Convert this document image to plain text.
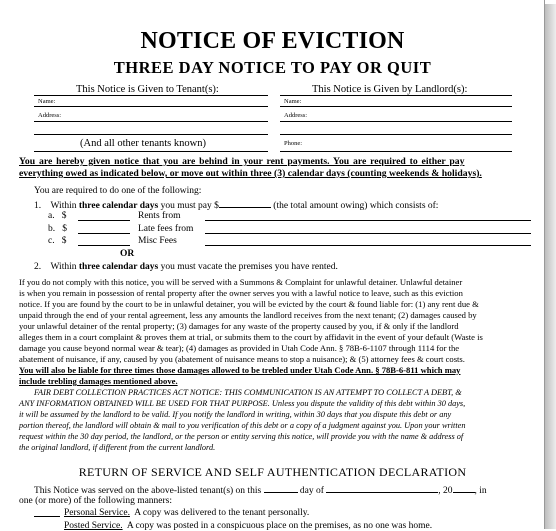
NOTICE OF EVICTION
THREE DAY NOTICE TO PAY OR QUIT
This Notice is Given to Tenant(s):
Name:
Address:
(And all other tenants known)
This Notice is Given by Landlord(s):
Name:
Address:
Phone:
You are hereby given notice that you are behind in your rent payments. You are required to either pay
everything owed as indicated below, or move out within three (3) calendar days (counting weekends & holidays).
You are required to do one of the following:
1. Within three calendar days you must pay $	(the total amount owing) which consists of:
a. $	Rents from
b. $	Late fees from
c. $	Misc Fees
OR
2. Within three calendar days you must vacate the premises you have rented.
If you do not comply with this notice, you will be served with a Summons & Complaint for unlawful detainer. Unlawful detainer
is when you remain in possession of rental property after the owner serves you with a lawful notice to leave, such as this eviction
notice. If you are found by the court to be in unlawful detainer, you will be evicted by the court & found liable for: (1) any rent due &
unpaid through the end of your rental agreement, less any amounts the landlord receives from the next tenant; (2) damages caused by
your unlawful detainer of the rental property; (3) damages for any waste of the property caused by you, if & only if the landlord
alleges them in a court complaint & proves them at trial, or submits them to the court by affidavit in the event of your default (Waste is
damage you cause beyond normal wear & tear); (4) damages as provided in Utah Code Ann. § 78B-6-1107 through 1114 for the
abatement of nuisance, if any, caused by you (abatement of nuisance means to stop a nuisance); & (5) attorney fees & court costs.
You will also be liable for three times those damages allowed to be trebled under Utah Code Ann. § 78B-6-811 which may
include trebling damages mentioned above.
FAIR DEBT COLLECTION PRACTICES ACT NOTICE: THIS COMMUNICATION IS AN ATTEMPT TO COLLECT A DEBT, &
ANY INFORMATION OBTAINED WILL BE USED FOR THAT PURPOSE. Unless you dispute the validity of this debt within 30 days,
it will be assumed by the landlord to be valid. If you notify the landlord in writing, within 30 days that you dispute this debt or any
portion thereof, the landlord will obtain & mail to you verification of this debt or a copy of a judgment against you. Upon your written
request within the 30 day period, the landlord, or the person or entity serving this notice, will provide you with the name & address of
the original landlord, if different from the current landlord.
RETURN OF SERVICE AND SELF AUTHENTICATION DECLARATION
This Notice was served on the above-listed tenant(s) on this	day of	, 20 , in
one (or more) of the following manners:
Personal Service. A copy was delivered to the tenant personally.
Posted Service. A copy was posted in a conspicuous place on the premises, as no one was home.
